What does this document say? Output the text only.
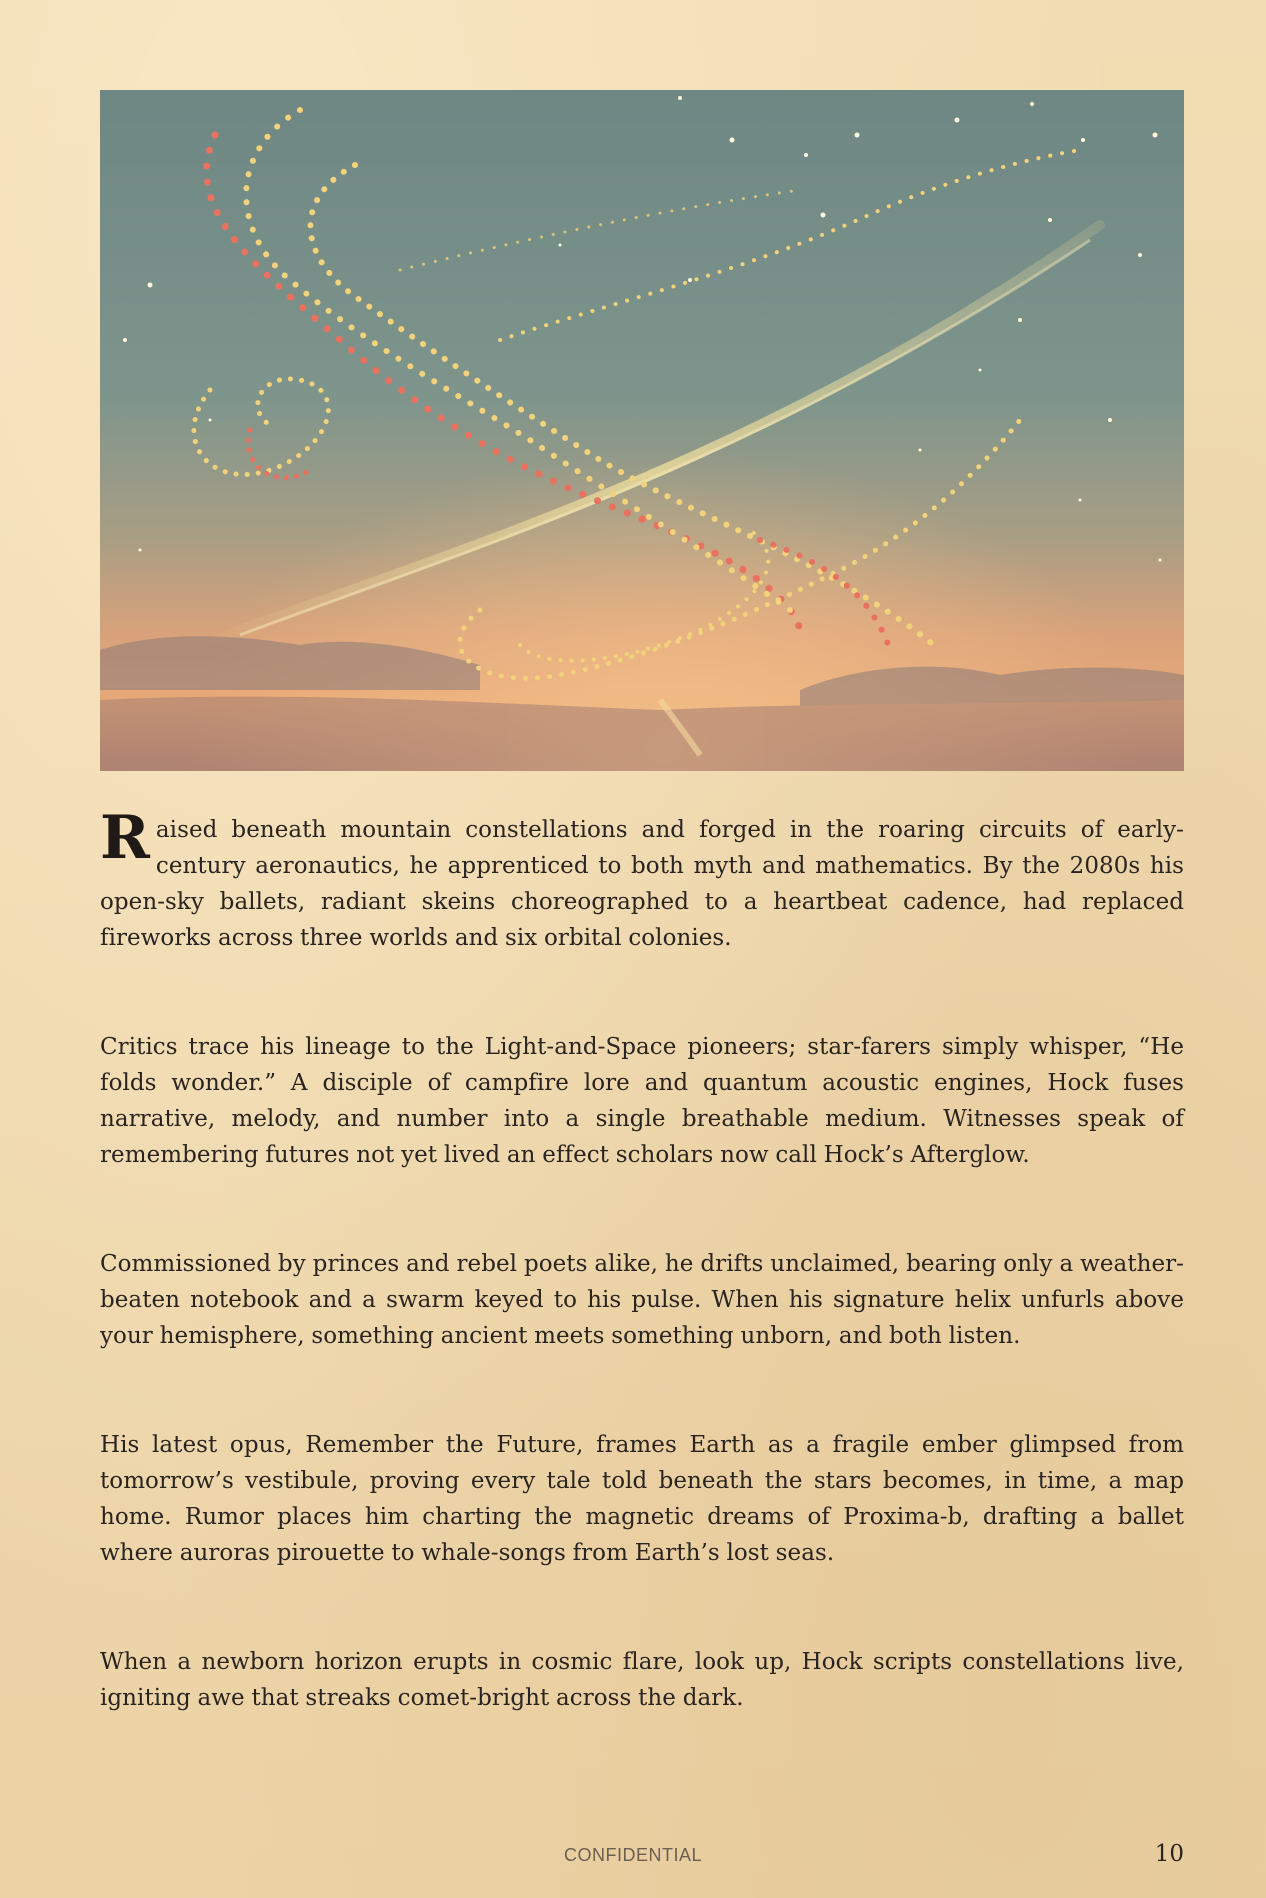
Raised beneath mountain constellations and forged in the roaring circuits of early-century aeronautics, he apprenticed to both myth and mathematics. By the 2080s his open-sky ballets, radiant skeins choreographed to a heartbeat cadence, had replaced fireworks across three worlds and six orbital colonies.

Critics trace his lineage to the Light-and-Space pioneers; star-farers simply whisper, “He folds wonder.” A disciple of campfire lore and quantum acoustic engines, Hock fuses narrative, melody, and number into a single breathable medium. Witnesses speak of remembering futures not yet lived an effect scholars now call Hock’s Afterglow.

Commissioned by princes and rebel poets alike, he drifts unclaimed, bearing only a weather-beaten notebook and a swarm keyed to his pulse. When his signature helix unfurls above your hemisphere, something ancient meets something unborn, and both listen.

His latest opus, Remember the Future, frames Earth as a fragile ember glimpsed from tomorrow’s vestibule, proving every tale told beneath the stars becomes, in time, a map home. Rumor places him charting the magnetic dreams of Proxima-b, drafting a ballet where auroras pirouette to whale-songs from Earth’s lost seas.

When a newborn horizon erupts in cosmic flare, look up, Hock scripts constellations live, igniting awe that streaks comet-bright across the dark.

CONFIDENTIAL	10
